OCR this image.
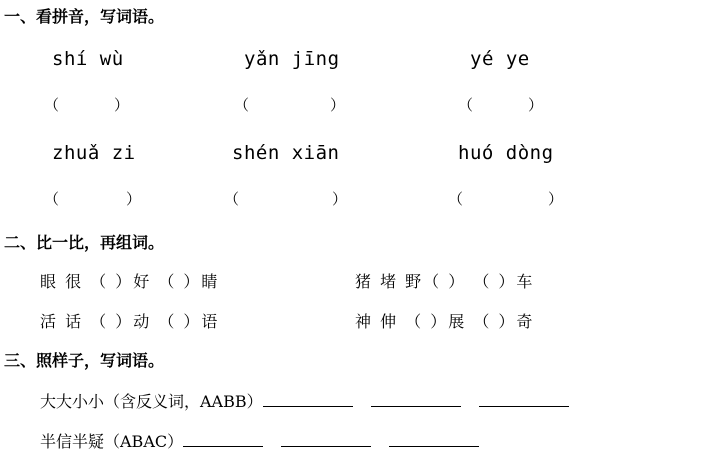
一、看拼音，写词语。
shí wù	yǎn jīng	yé ye
（	）	（	）	（	）
zhuǎ zi	shén xiān	huó dòng
（	）	（	）	（	）
二、比一比，再组词。
眼 很 （ ）好 （ ）睛	猪 堵 野（ ） （ ）车
活 话 （ ）动 （ ）语	神 伸 （ ）展 （ ）奇
三、照样子，写词语。
大大小小（含反义词，AABB）
半信半疑（ABAC）
